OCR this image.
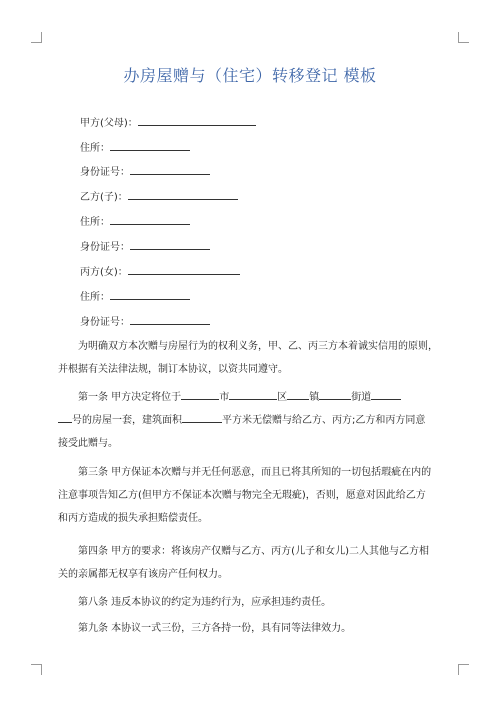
办房屋赠与（住宅）转移登记 模板
甲方(父母)：
住所：
身份证号：
乙方(子)：
住所：
身份证号：
丙方(女)：
住所：
身份证号：
为明确双方本次赠与房屋行为的权利义务，甲、乙、丙三方本着诚实信用的原则，
并根据有关法律法规，制订本协议，以资共同遵守。
第一条 甲方决定将位于	市	区 镇	街道
号的房屋一套，建筑面积	平方米无偿赠与给乙方、丙方;乙方和丙方同意
接受此赠与。
第三条 甲方保证本次赠与并无任何恶意，而且已将其所知的一切包括瑕疵在内的
注意事项告知乙方(但甲方不保证本次赠与物完全无瑕疵)，否则，愿意对因此给乙方
和丙方造成的损失承担赔偿责任。
第四条 甲方的要求：将该房产仅赠与乙方、丙方(儿子和女儿)二人其他与乙方相
关的亲属都无权享有该房产任何权力。
第八条 违反本协议的约定为违约行为，应承担违约责任。
第九条 本协议一式三份，三方各持一份，具有同等法律效力。
